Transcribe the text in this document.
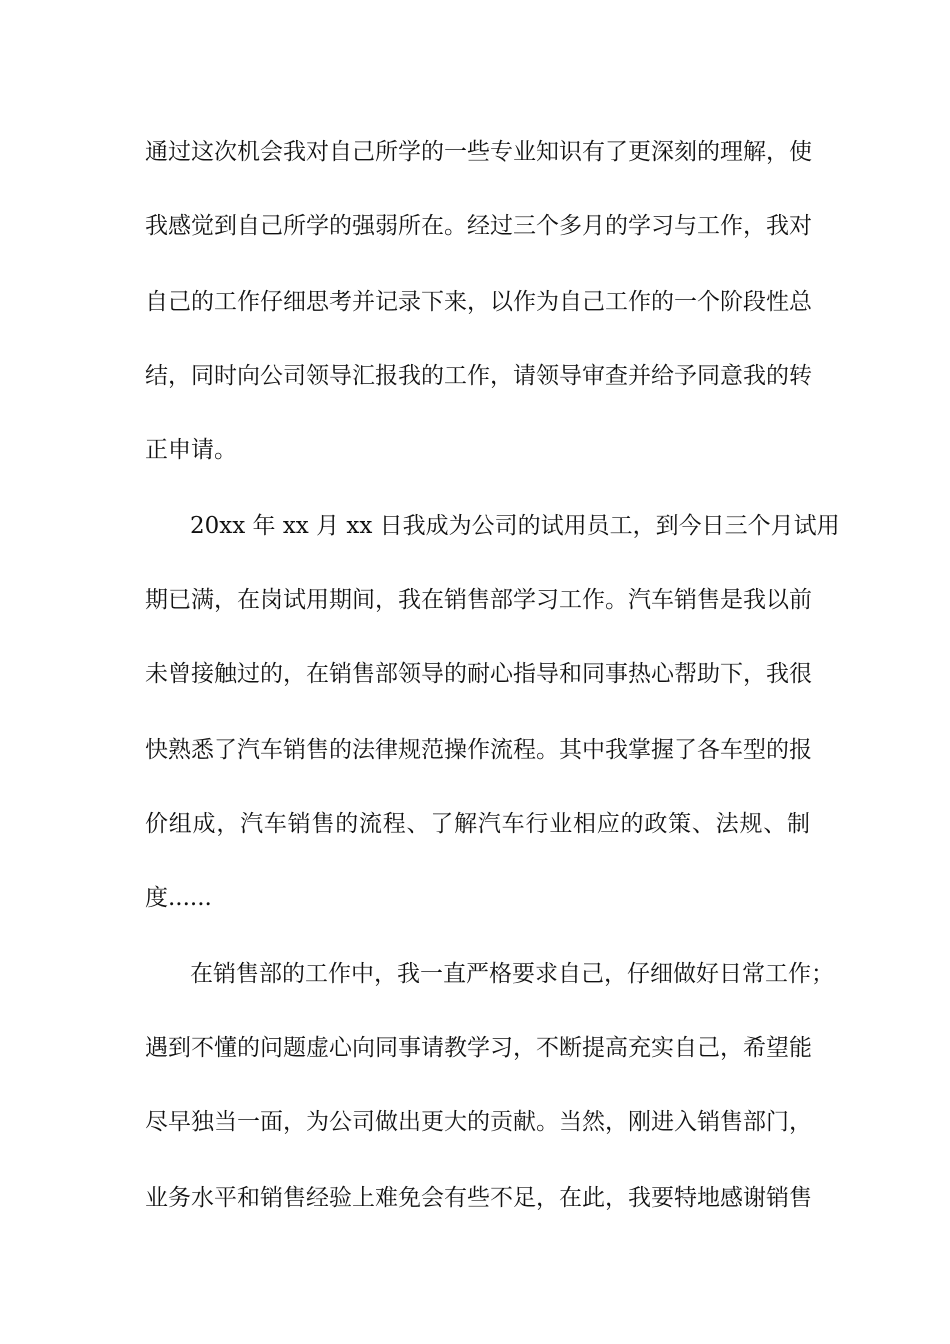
通过这次机会我对自己所学的一些专业知识有了更深刻的理解，使
我感觉到自己所学的强弱所在。经过三个多月的学习与工作，我对
自己的工作仔细思考并记录下来，以作为自己工作的一个阶段性总
结，同时向公司领导汇报我的工作，请领导审查并给予同意我的转
正申请。
20xx 年 xx 月 xx 日我成为公司的试用员工，到今日三个月试用
期已满，在岗试用期间，我在销售部学习工作。汽车销售是我以前
未曾接触过的，在销售部领导的耐心指导和同事热心帮助下，我很
快熟悉了汽车销售的法律规范操作流程。其中我掌握了各车型的报
价组成，汽车销售的流程、了解汽车行业相应的政策、法规、制
度......
在销售部的工作中，我一直严格要求自己，仔细做好日常工作；
遇到不懂的问题虚心向同事请教学习，不断提高充实自己，希望能
尽早独当一面，为公司做出更大的贡献。当然，刚进入销售部门，
业务水平和销售经验上难免会有些不足，在此，我要特地感谢销售
